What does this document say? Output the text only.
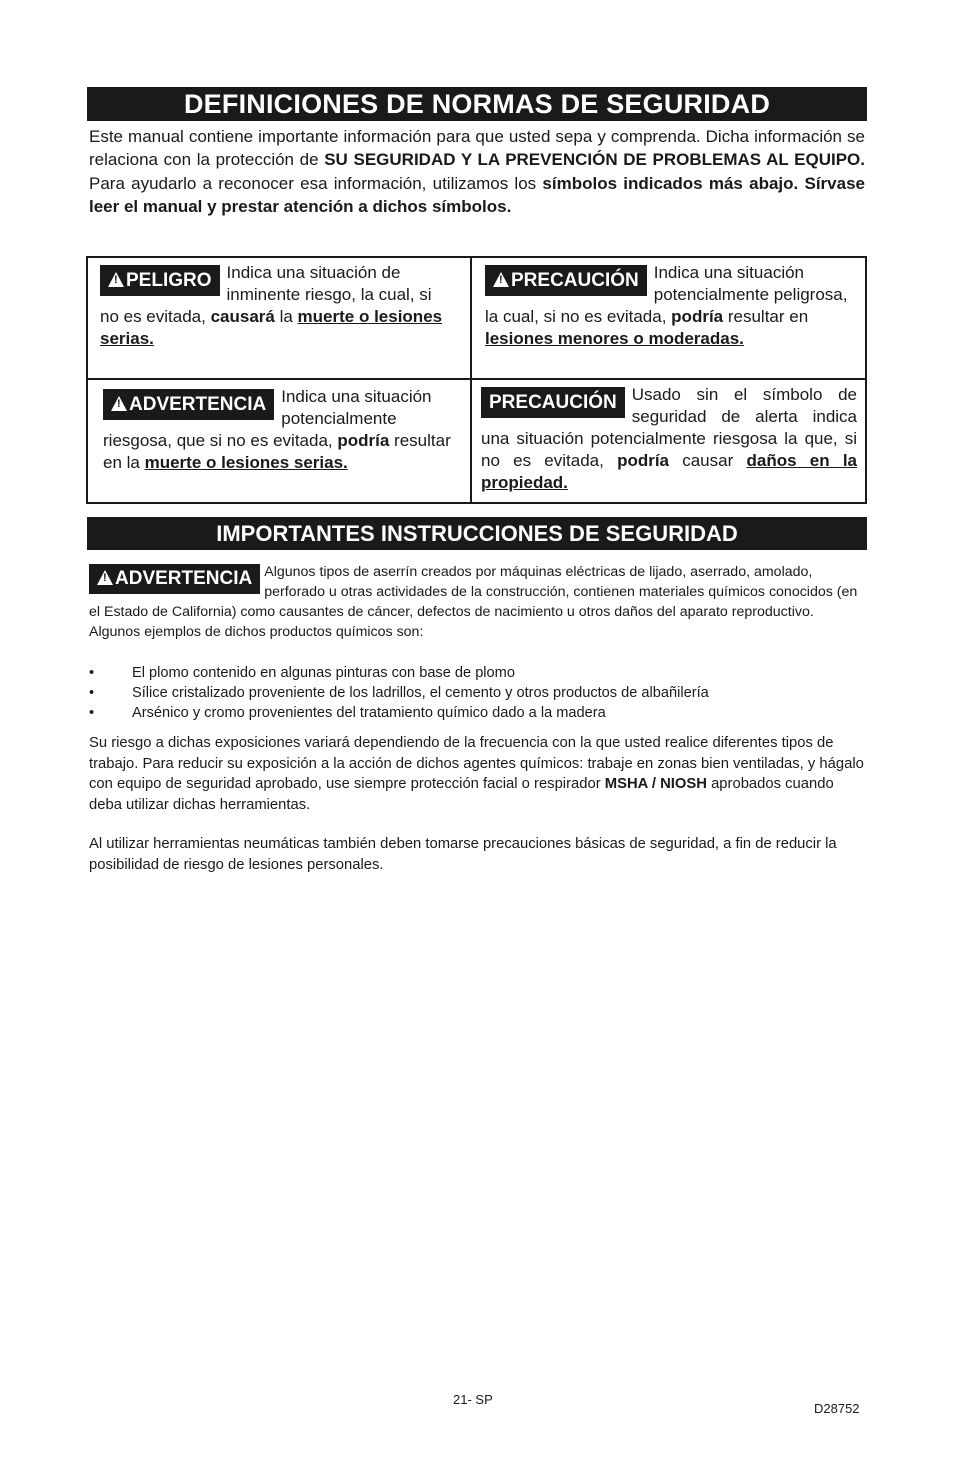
DEFINICIONES DE NORMAS DE SEGURIDAD
Este manual contiene importante información para que usted sepa y comprenda. Dicha información se relaciona con la protección de SU SEGURIDAD Y LA PREVENCIÓN DE PROBLEMAS AL EQUIPO. Para ayudarlo a reconocer esa información, utilizamos los símbolos indicados más abajo. Sírvase leer el manual y prestar atención a dichos símbolos.
!PELIGRO Indica una situación de inminente riesgo, la cual, si no es evitada, causará la muerte o lesiones serias.
!PRECAUCIÓN Indica una situación potencialmente peligrosa, la cual, si no es evitada, podría resultar en lesiones menores o moderadas.
!ADVERTENCIA Indica una situación potencialmente riesgosa, que si no es evitada, podría resultar en la muerte o lesiones serias.
PRECAUCIÓN Usado sin el símbolo de seguridad de alerta indica una situación potencialmente riesgosa la que, si no es evitada, podría causar daños en la propiedad.
IMPORTANTES INSTRUCCIONES DE SEGURIDAD
!ADVERTENCIA Algunos tipos de aserrín creados por máquinas eléctricas de lijado, aserrado, amolado, perforado u otras actividades de la construcción, contienen materiales químicos conocidos (en el Estado de California) como causantes de cáncer, defectos de nacimiento u otros daños del aparato reproductivo. Algunos ejemplos de dichos productos químicos son:
•	El plomo contenido en algunas pinturas con base de plomo
•	Sílice cristalizado proveniente de los ladrillos, el cemento y otros productos de albañilería
•	Arsénico y cromo provenientes del tratamiento químico dado a la madera
Su riesgo a dichas exposiciones variará dependiendo de la frecuencia con la que usted realice diferentes tipos de trabajo. Para reducir su exposición a la acción de dichos agentes químicos: trabaje en zonas bien ventiladas, y hágalo con equipo de seguridad aprobado, use siempre protección facial o respirador MSHA / NIOSH aprobados cuando deba utilizar dichas herramientas.
Al utilizar herramientas neumáticas también deben tomarse precauciones básicas de seguridad, a fin de reducir la posibilidad de riesgo de lesiones personales.
21- SP
D28752
